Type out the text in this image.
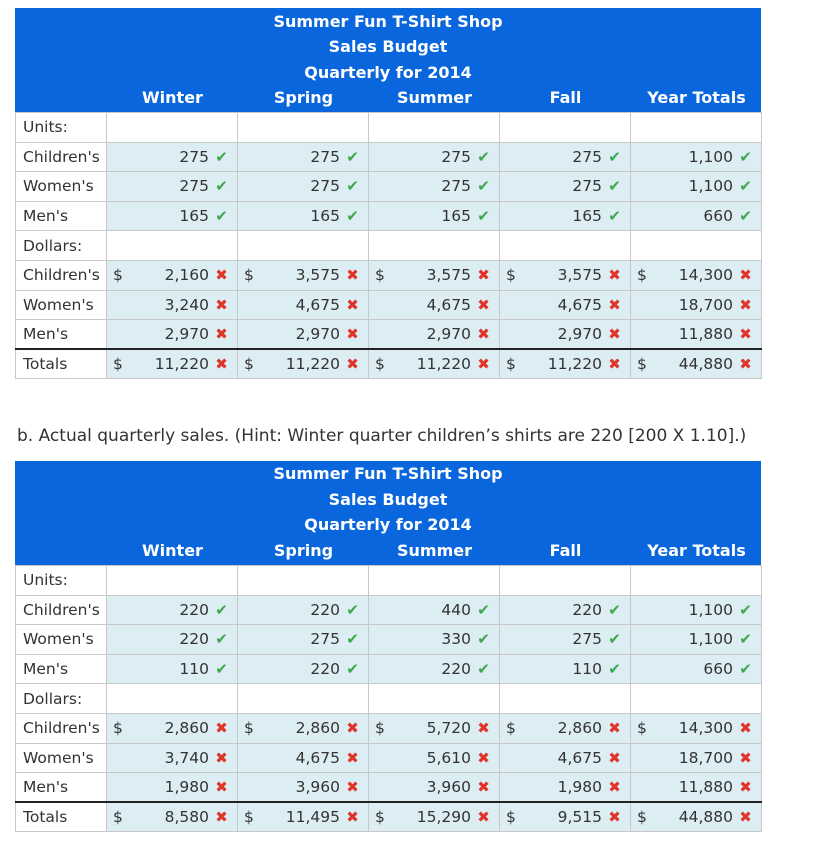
Summer Fun T-Shirt Shop
Sales Budget
Quarterly for 2014
Winter	Spring	Summer	Fall	Year Totals
Units:					
Children's	275 ✔	275 ✔	275 ✔	275 ✔	1,100 ✔

Women's	275 ✔	275 ✔	275 ✔	275 ✔	1,100 ✔

Men's	165 ✔	165 ✔	165 ✔	165 ✔	660 ✔

Dollars:					
Children's	$ 2,160 ✖	$ 3,575 ✖	$ 3,575 ✖	$ 3,575 ✖	$ 14,300 ✖

Women's	3,240 ✖	4,675 ✖	4,675 ✖	4,675 ✖	18,700 ✖

Men's	2,970 ✖	2,970 ✖	2,970 ✖	2,970 ✖	11,880 ✖

Totals	$ 11,220 ✖	$ 11,220 ✖	$ 11,220 ✖	$ 11,220 ✖	$ 44,880 ✖
b. Actual quarterly sales. (Hint: Winter quarter children’s shirts are 220 [200 X 1.10].)
Summer Fun T-Shirt Shop
Sales Budget
Quarterly for 2014
Winter	Spring	Summer	Fall	Year Totals
Units:					
Children's	220 ✔	220 ✔	440 ✔	220 ✔	1,100 ✔

Women's	220 ✔	275 ✔	330 ✔	275 ✔	1,100 ✔

Men's	110 ✔	220 ✔	220 ✔	110 ✔	660 ✔

Dollars:					
Children's	$ 2,860 ✖	$ 2,860 ✖	$ 5,720 ✖	$ 2,860 ✖	$ 14,300 ✖

Women's	3,740 ✖	4,675 ✖	5,610 ✖	4,675 ✖	18,700 ✖

Men's	1,980 ✖	3,960 ✖	3,960 ✖	1,980 ✖	11,880 ✖

Totals	$ 8,580 ✖	$ 11,495 ✖	$ 15,290 ✖	$ 9,515 ✖	$ 44,880 ✖
